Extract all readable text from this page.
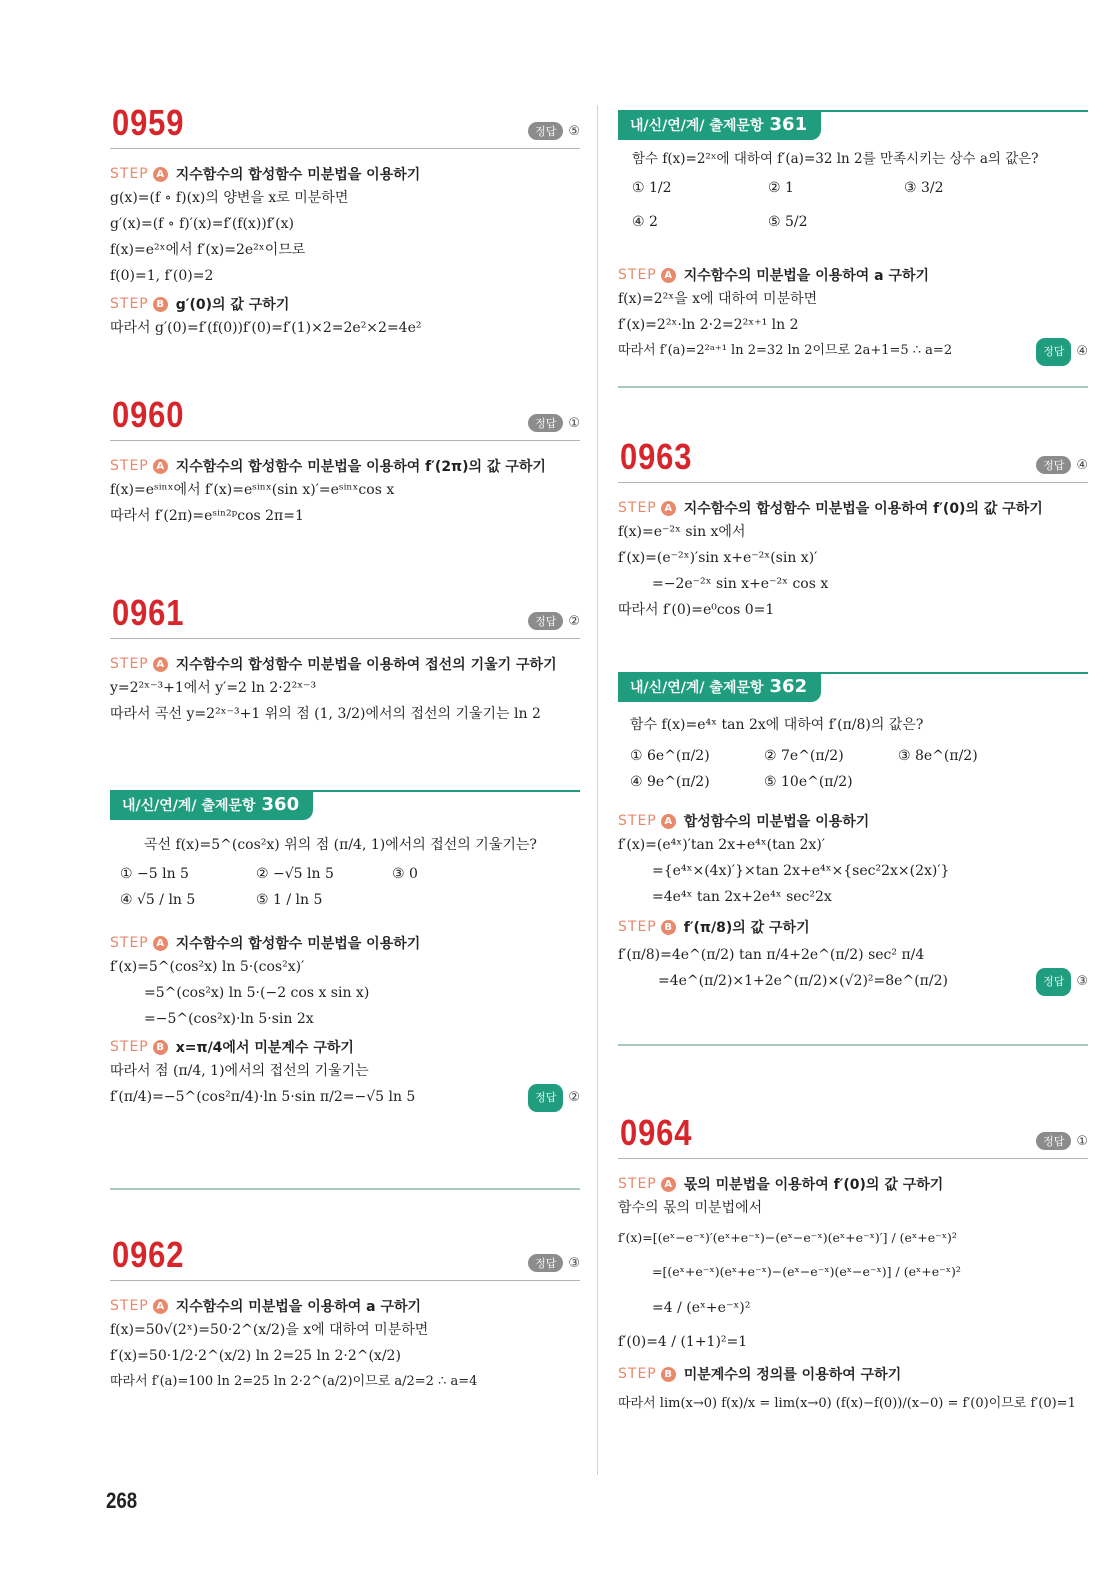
0959	정답 ⑤
STEP A 지수함수의 합성함수 미분법을 이용하기
g(x)=(f ∘ f)(x)의 양변을 x로 미분하면
g′(x)=(f ∘ f)′(x)=f′(f(x))f′(x)
f(x)=e²ˣ에서 f′(x)=2e²ˣ이므로
f(0)=1, f′(0)=2
STEP B g′(0)의 값 구하기
따라서 g′(0)=f′(f(0))f′(0)=f′(1)×2=2e²×2=4e²
0960	정답 ①
STEP A 지수함수의 합성함수 미분법을 이용하여 f′(2π)의 값 구하기
f(x)=eˢⁱⁿˣ에서 f′(x)=eˢⁱⁿˣ(sin x)′=eˢⁱⁿˣcos x
따라서 f′(2π)=eˢⁱⁿ²ᵖcos 2π=1
0961	정답 ②
STEP A 지수함수의 합성함수 미분법을 이용하여 접선의 기울기 구하기
y=2²ˣ⁻³+1에서 y′=2 ln 2·2²ˣ⁻³
따라서 곡선 y=2²ˣ⁻³+1 위의 점 (1, 3/2)에서의 접선의 기울기는 ln 2
내/신/연/계/ 출제문항 360
곡선 f(x)=5^(cos²x) 위의 점 (π/4, 1)에서의 접선의 기울기는?
① −5 ln 5	② −√5 ln 5	③ 0
④ √5 / ln 5	⑤ 1 / ln 5
STEP A 지수함수의 합성함수 미분법을 이용하기
f′(x)=5^(cos²x) ln 5·(cos²x)′
=5^(cos²x) ln 5·(−2 cos x sin x)
=−5^(cos²x)·ln 5·sin 2x
STEP B x=π/4에서 미분계수 구하기
따라서 점 (π/4, 1)에서의 접선의 기울기는
f′(π/4)=−5^(cos²π/4)·ln 5·sin π/2=−√5 ln 5	정답 ②
0962	정답 ③
STEP A 지수함수의 미분법을 이용하여 a 구하기
f(x)=50√(2ˣ)=50·2^(x/2)을 x에 대하여 미분하면
f′(x)=50·1/2·2^(x/2) ln 2=25 ln 2·2^(x/2)
따라서 f′(a)=100 ln 2=25 ln 2·2^(a/2)이므로 a/2=2 ∴ a=4
내/신/연/계/ 출제문항 361
함수 f(x)=2²ˣ에 대하여 f′(a)=32 ln 2를 만족시키는 상수 a의 값은?
① 1/2	② 1	③ 3/2
④ 2	⑤ 5/2
STEP A 지수함수의 미분법을 이용하여 a 구하기
f(x)=2²ˣ을 x에 대하여 미분하면
f′(x)=2²ˣ·ln 2·2=2²ˣ⁺¹ ln 2
따라서 f′(a)=2²ᵃ⁺¹ ln 2=32 ln 2이므로 2a+1=5 ∴ a=2	정답 ④
0963	정답 ④
STEP A 지수함수의 합성함수 미분법을 이용하여 f′(0)의 값 구하기
f(x)=e⁻²ˣ sin x에서
f′(x)=(e⁻²ˣ)′sin x+e⁻²ˣ(sin x)′
=−2e⁻²ˣ sin x+e⁻²ˣ cos x
따라서 f′(0)=e⁰cos 0=1
내/신/연/계/ 출제문항 362
함수 f(x)=e⁴ˣ tan 2x에 대하여 f′(π/8)의 값은?
① 6e^(π/2)	② 7e^(π/2)	③ 8e^(π/2)
④ 9e^(π/2)	⑤ 10e^(π/2)
STEP A 합성함수의 미분법을 이용하기
f′(x)=(e⁴ˣ)′tan 2x+e⁴ˣ(tan 2x)′
={e⁴ˣ×(4x)′}×tan 2x+e⁴ˣ×{sec²2x×(2x)′}
=4e⁴ˣ tan 2x+2e⁴ˣ sec²2x
STEP B f′(π/8)의 값 구하기
f′(π/8)=4e^(π/2) tan π/4+2e^(π/2) sec² π/4
=4e^(π/2)×1+2e^(π/2)×(√2)²=8e^(π/2)	정답 ③
0964	정답 ①
STEP A 몫의 미분법을 이용하여 f′(0)의 값 구하기
함수의 몫의 미분법에서
f′(x)=[(eˣ−e⁻ˣ)′(eˣ+e⁻ˣ)−(eˣ−e⁻ˣ)(eˣ+e⁻ˣ)′] / (eˣ+e⁻ˣ)²
=[(eˣ+e⁻ˣ)(eˣ+e⁻ˣ)−(eˣ−e⁻ˣ)(eˣ−e⁻ˣ)] / (eˣ+e⁻ˣ)²
=4 / (eˣ+e⁻ˣ)²
f′(0)=4 / (1+1)²=1
STEP B 미분계수의 정의를 이용하여 구하기
따라서 lim(x→0) f(x)/x = lim(x→0) (f(x)−f(0))/(x−0) = f′(0)이므로 f′(0)=1
268
